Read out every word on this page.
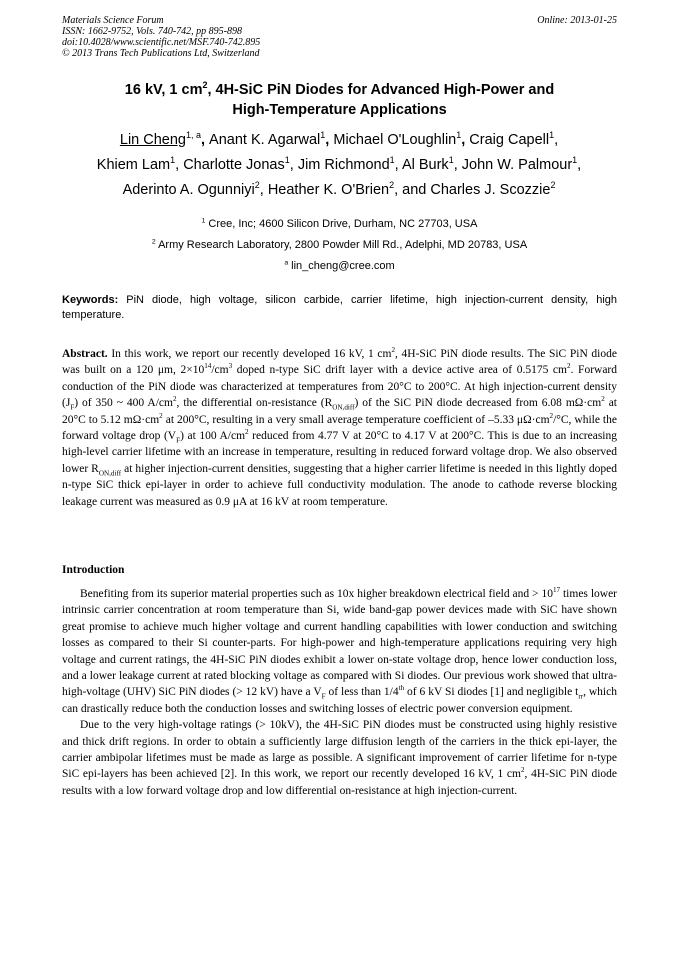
Materials Science Forum
ISSN: 1662-9752, Vols. 740-742, pp 895-898
doi:10.4028/www.scientific.net/MSF.740-742.895
© 2013 Trans Tech Publications Ltd, Switzerland
Online: 2013-01-25
16 kV, 1 $cm^2$, 4H-SiC PiN Diodes for Advanced High-Power and
High-Temperature Applications
Lin Cheng$^{1, a}$, Anant K. Agarwal$^1$, Michael O'Loughlin$^1$, Craig Capell$^1$,
Khiem Lam$^1$, Charlotte Jonas$^1$, Jim Richmond$^1$, Al Burk$^1$, John W. Palmour$^1$,
Aderinto A. Ogunniyi$^2$, Heather K. O'Brien$^2$, and Charles J. Scozzie$^2$
$^1$ Cree, Inc; 4600 Silicon Drive, Durham, NC 27703, USA
$^2$ Army Research Laboratory, 2800 Powder Mill Rd., Adelphi, MD 20783, USA
$^a$ lin_cheng@cree.com
Keywords: PiN diode, high voltage, silicon carbide, carrier lifetime, high injection-current density, high temperature.
Abstract. In this work, we report our recently developed 16 kV, 1 $cm^2$, 4H-SiC PiN diode results. The SiC PiN diode was built on a 120 μm, $2\times 10^{14}/cm^3$ doped n-type SiC drift layer with a device active area of 0.5175 $cm^2$. Forward conduction of the PiN diode was characterized at temperatures from 20°C to 200°C. At high injection-current density $(J_F)$ of 350 ~ 400 $A/cm^2$, the differential on-resistance $(R_{ON,diff})$ of the SiC PiN diode decreased from 6.08 $m\Omega\cdot cm^2$ at 20°C to 5.12 $m\Omega\cdot cm^2$ at 200°C, resulting in a very small average temperature coefficient of –5.33 $\mu\Omega\cdot cm^2/^\circ C$, while the forward voltage drop $(V_F)$ at 100 $A/cm^2$ reduced from 4.77 V at 20°C to 4.17 V at 200°C. This is due to an increasing high-level carrier lifetime with an increase in temperature, resulting in reduced forward voltage drop. We also observed lower $R_{ON,diff}$ at higher injection-current densities, suggesting that a higher carrier lifetime is needed in this lightly doped n-type SiC thick epi-layer in order to achieve full conductivity modulation. The anode to cathode reverse blocking leakage current was measured as 0.9 μA at 16 kV at room temperature.
Introduction

Benefiting from its superior material properties such as 10x higher breakdown electrical field and > $10^{17}$ times lower intrinsic carrier concentration at room temperature than Si, wide band-gap power devices made with SiC have shown great promise to achieve much higher voltage and current handling capabilities with lower conduction and switching losses as compared to their Si counter-parts. For high-power and high-temperature applications requiring very high voltage and current ratings, the 4H-SiC PiN diodes exhibit a lower on-state voltage drop, hence lower conduction loss, and a lower leakage current at rated blocking voltage as compared with Si diodes. Our previous work showed that ultra-high-voltage (UHV) SiC PiN diodes (> 12 kV) have a $V_F$ of less than 1/4th of 6 kV Si diodes [1] and negligible $t_{rr}$, which can drastically reduce both the conduction losses and switching losses of electric power conversion equipment.

Due to the very high-voltage ratings (> 10kV), the 4H-SiC PiN diodes must be constructed using highly resistive and thick drift regions. In order to obtain a sufficiently large diffusion length of the carriers in the thick epi-layer, the carrier ambipolar lifetimes must be made as large as possible. A significant improvement of carrier lifetime for n-type SiC epi-layers has been achieved [2]. In this work, we report our recently developed 16 kV, 1 $cm^2$, 4H-SiC PiN diode results with a low forward voltage drop and low differential on-resistance at high injection-current.
